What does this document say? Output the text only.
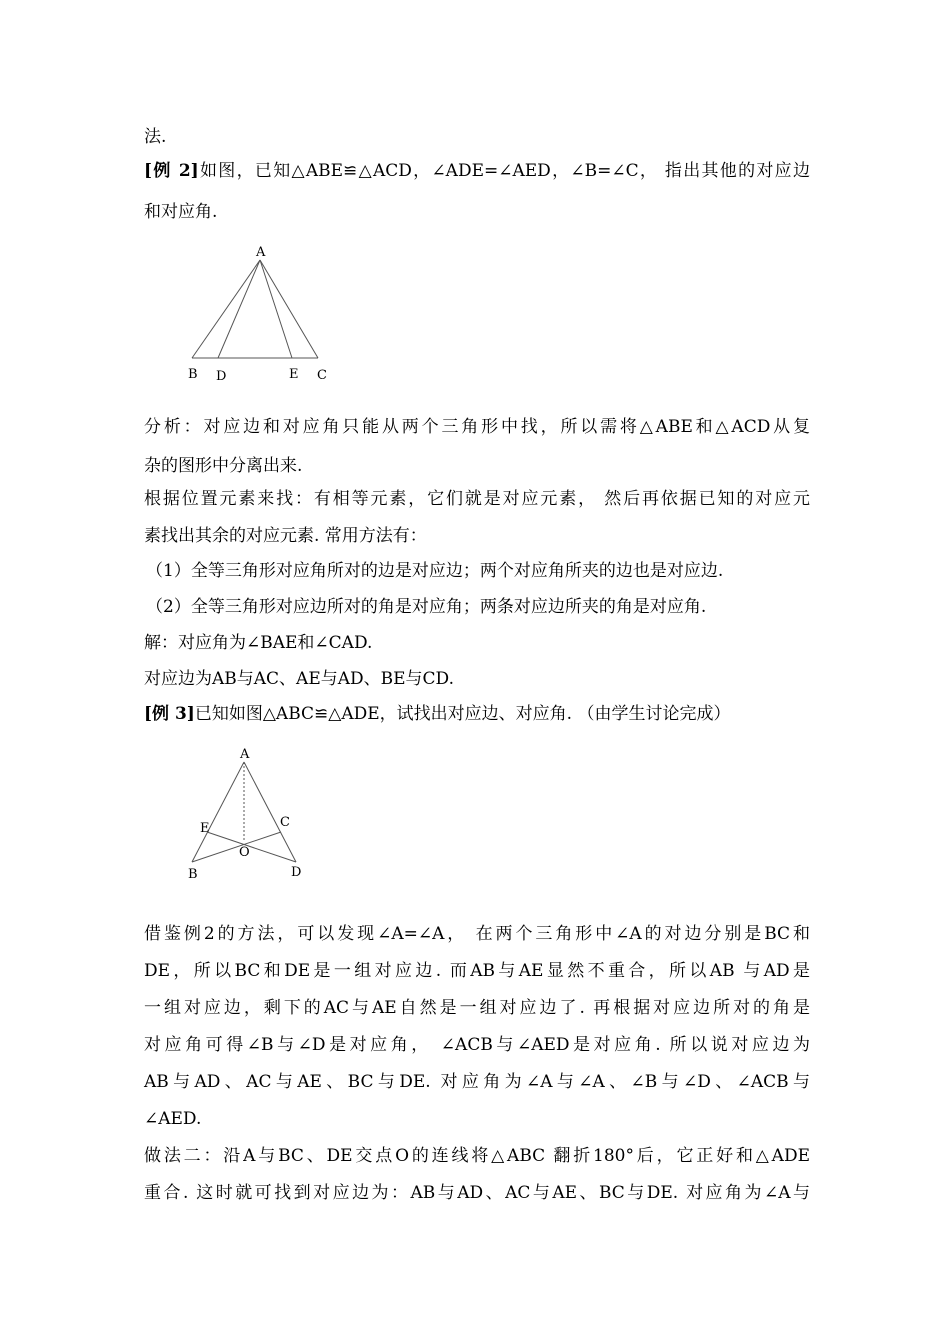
法.
[例 2]如图，已知△ABE≌△ACD，∠ADE=∠AED，∠B=∠C， 指出其他的对应边
和对应角.
A
B D	E C
分析：对应边和对应角只能从两个三角形中找，所以需将△ABE和△ACD从复
杂的图形中分离出来.
根据位置元素来找：有相等元素，它们就是对应元素， 然后再依据已知的对应元
素找出其余的对应元素. 常用方法有：
（1）全等三角形对应角所对的边是对应边；两个对应角所夹的边也是对应边.
（2）全等三角形对应边所对的角是对应角；两条对应边所夹的角是对应角.
解：对应角为∠BAE和∠CAD.
对应边为AB与AC、AE与AD、BE与CD.
[例 3]已知如图△ABC≌△ADE，试找出对应边、对应角. （由学生讨论完成）
A
E	C
O
B	D
借鉴例2的方法，可以发现∠A=∠A， 在两个三角形中∠A的对边分别是BC和
DE，所以BC和DE是一组对应边. 而AB与AE显然不重合，所以AB 与AD是
一组对应边，剩下的AC与AE自然是一组对应边了. 再根据对应边所对的角是
对应角可得∠B与∠D是对应角， ∠ACB与∠AED是对应角. 所以说对应边为
AB与AD、AC与AE、BC与DE. 对应角为∠A与∠A、∠B与∠D、∠ACB与
∠AED.
做法二：沿A与BC、DE交点O的连线将△ABC 翻折180°后，它正好和△ADE
重合. 这时就可找到对应边为：AB与AD、AC与AE、BC与DE. 对应角为∠A与
